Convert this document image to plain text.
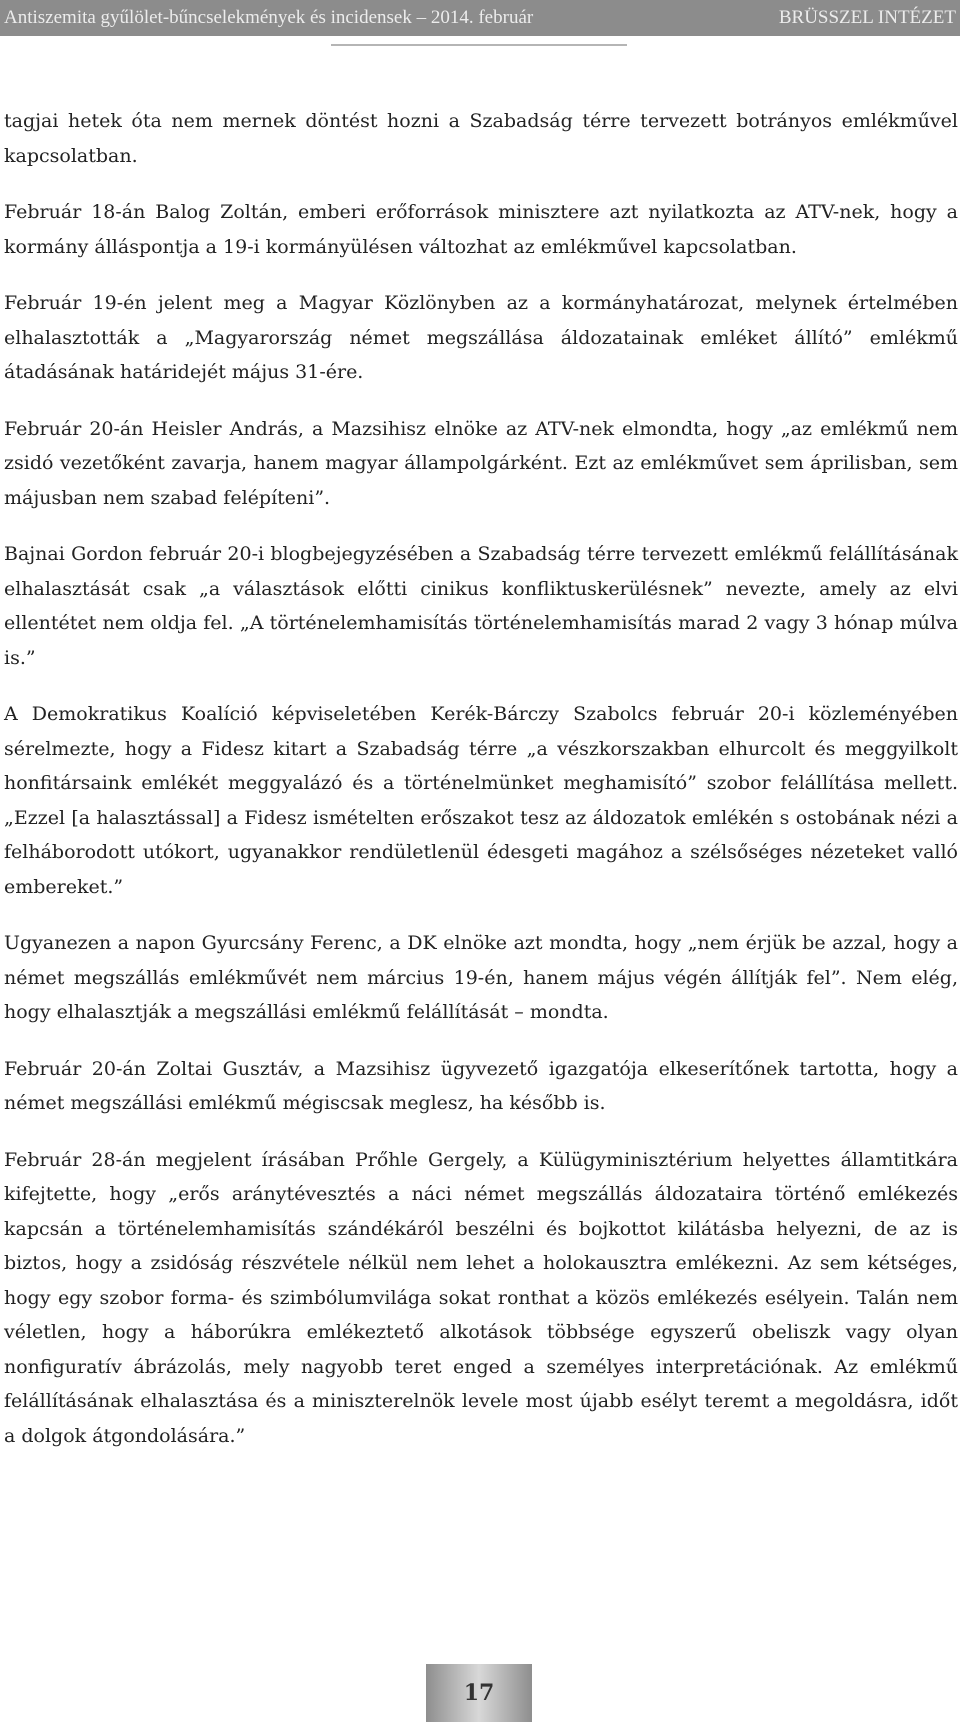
Antiszemita gyűlölet-bűncselekmények és incidensek – 2014. február	BRÜSSZEL INTÉZET

tagjai hetek óta nem mernek döntést hozni a Szabadság térre tervezett botrányos emlékművel kapcsolatban.

Február 18-án Balog Zoltán, emberi erőforrások minisztere azt nyilatkozta az ATV-nek, hogy a kormány álláspontja a 19-i kormányülésen változhat az emlékművel kapcsolatban.

Február 19-én jelent meg a Magyar Közlönyben az a kormányhatározat, melynek értelmében elhalasztották a „Magyarország német megszállása áldozatainak emléket állító” emlékmű átadásának határidejét május 31-ére.

Február 20-án Heisler András, a Mazsihisz elnöke az ATV-nek elmondta, hogy „az emlékmű nem zsidó vezetőként zavarja, hanem magyar állampolgárként. Ezt az emlékművet sem áprilisban, sem májusban nem szabad felépíteni”.

Bajnai Gordon február 20-i blogbejegyzésében a Szabadság térre tervezett emlékmű felállításának elhalasztását csak „a választások előtti cinikus konfliktuskerülésnek” nevezte, amely az elvi ellentétet nem oldja fel. „A történelemhamisítás történelemhamisítás marad 2 vagy 3 hónap múlva is.”

A Demokratikus Koalíció képviseletében Kerék-Bárczy Szabolcs február 20-i közleményében sérelmezte, hogy a Fidesz kitart a Szabadság térre „a vészkorszakban elhurcolt és meggyilkolt honfitársaink emlékét meggyalázó és a történelmünket meghamisító” szobor felállítása mellett. „Ezzel [a halasztással] a Fidesz ismételten erőszakot tesz az áldozatok emlékén s ostobának nézi a felháborodott utókort, ugyanakkor rendületlenül édesgeti magához a szélsőséges nézeteket valló embereket.”

Ugyanezen a napon Gyurcsány Ferenc, a DK elnöke azt mondta, hogy „nem érjük be azzal, hogy a német megszállás emlékművét nem március 19-én, hanem május végén állítják fel”. Nem elég, hogy elhalasztják a megszállási emlékmű felállítását – mondta.

Február 20-án Zoltai Gusztáv, a Mazsihisz ügyvezető igazgatója elkeserítőnek tartotta, hogy a német megszállási emlékmű mégiscsak meglesz, ha később is.

Február 28-án megjelent írásában Prőhle Gergely, a Külügyminisztérium helyettes államtitkára kifejtette, hogy „erős aránytévesztés a náci német megszállás áldozataira történő emlékezés kapcsán a történelemhamisítás szándékáról beszélni és bojkottot kilátásba helyezni, de az is biztos, hogy a zsidóság részvétele nélkül nem lehet a holokausztra emlékezni. Az sem kétséges, hogy egy szobor forma- és szimbólumvilága sokat ronthat a közös emlékezés esélyein. Talán nem véletlen, hogy a háborúkra emlékeztető alkotások többsége egyszerű obeliszk vagy olyan nonfiguratív ábrázolás, mely nagyobb teret enged a személyes interpretációnak. Az emlékmű felállításának elhalasztása és a miniszterelnök levele most újabb esélyt teremt a megoldásra, időt a dolgok átgondolására.”

17
